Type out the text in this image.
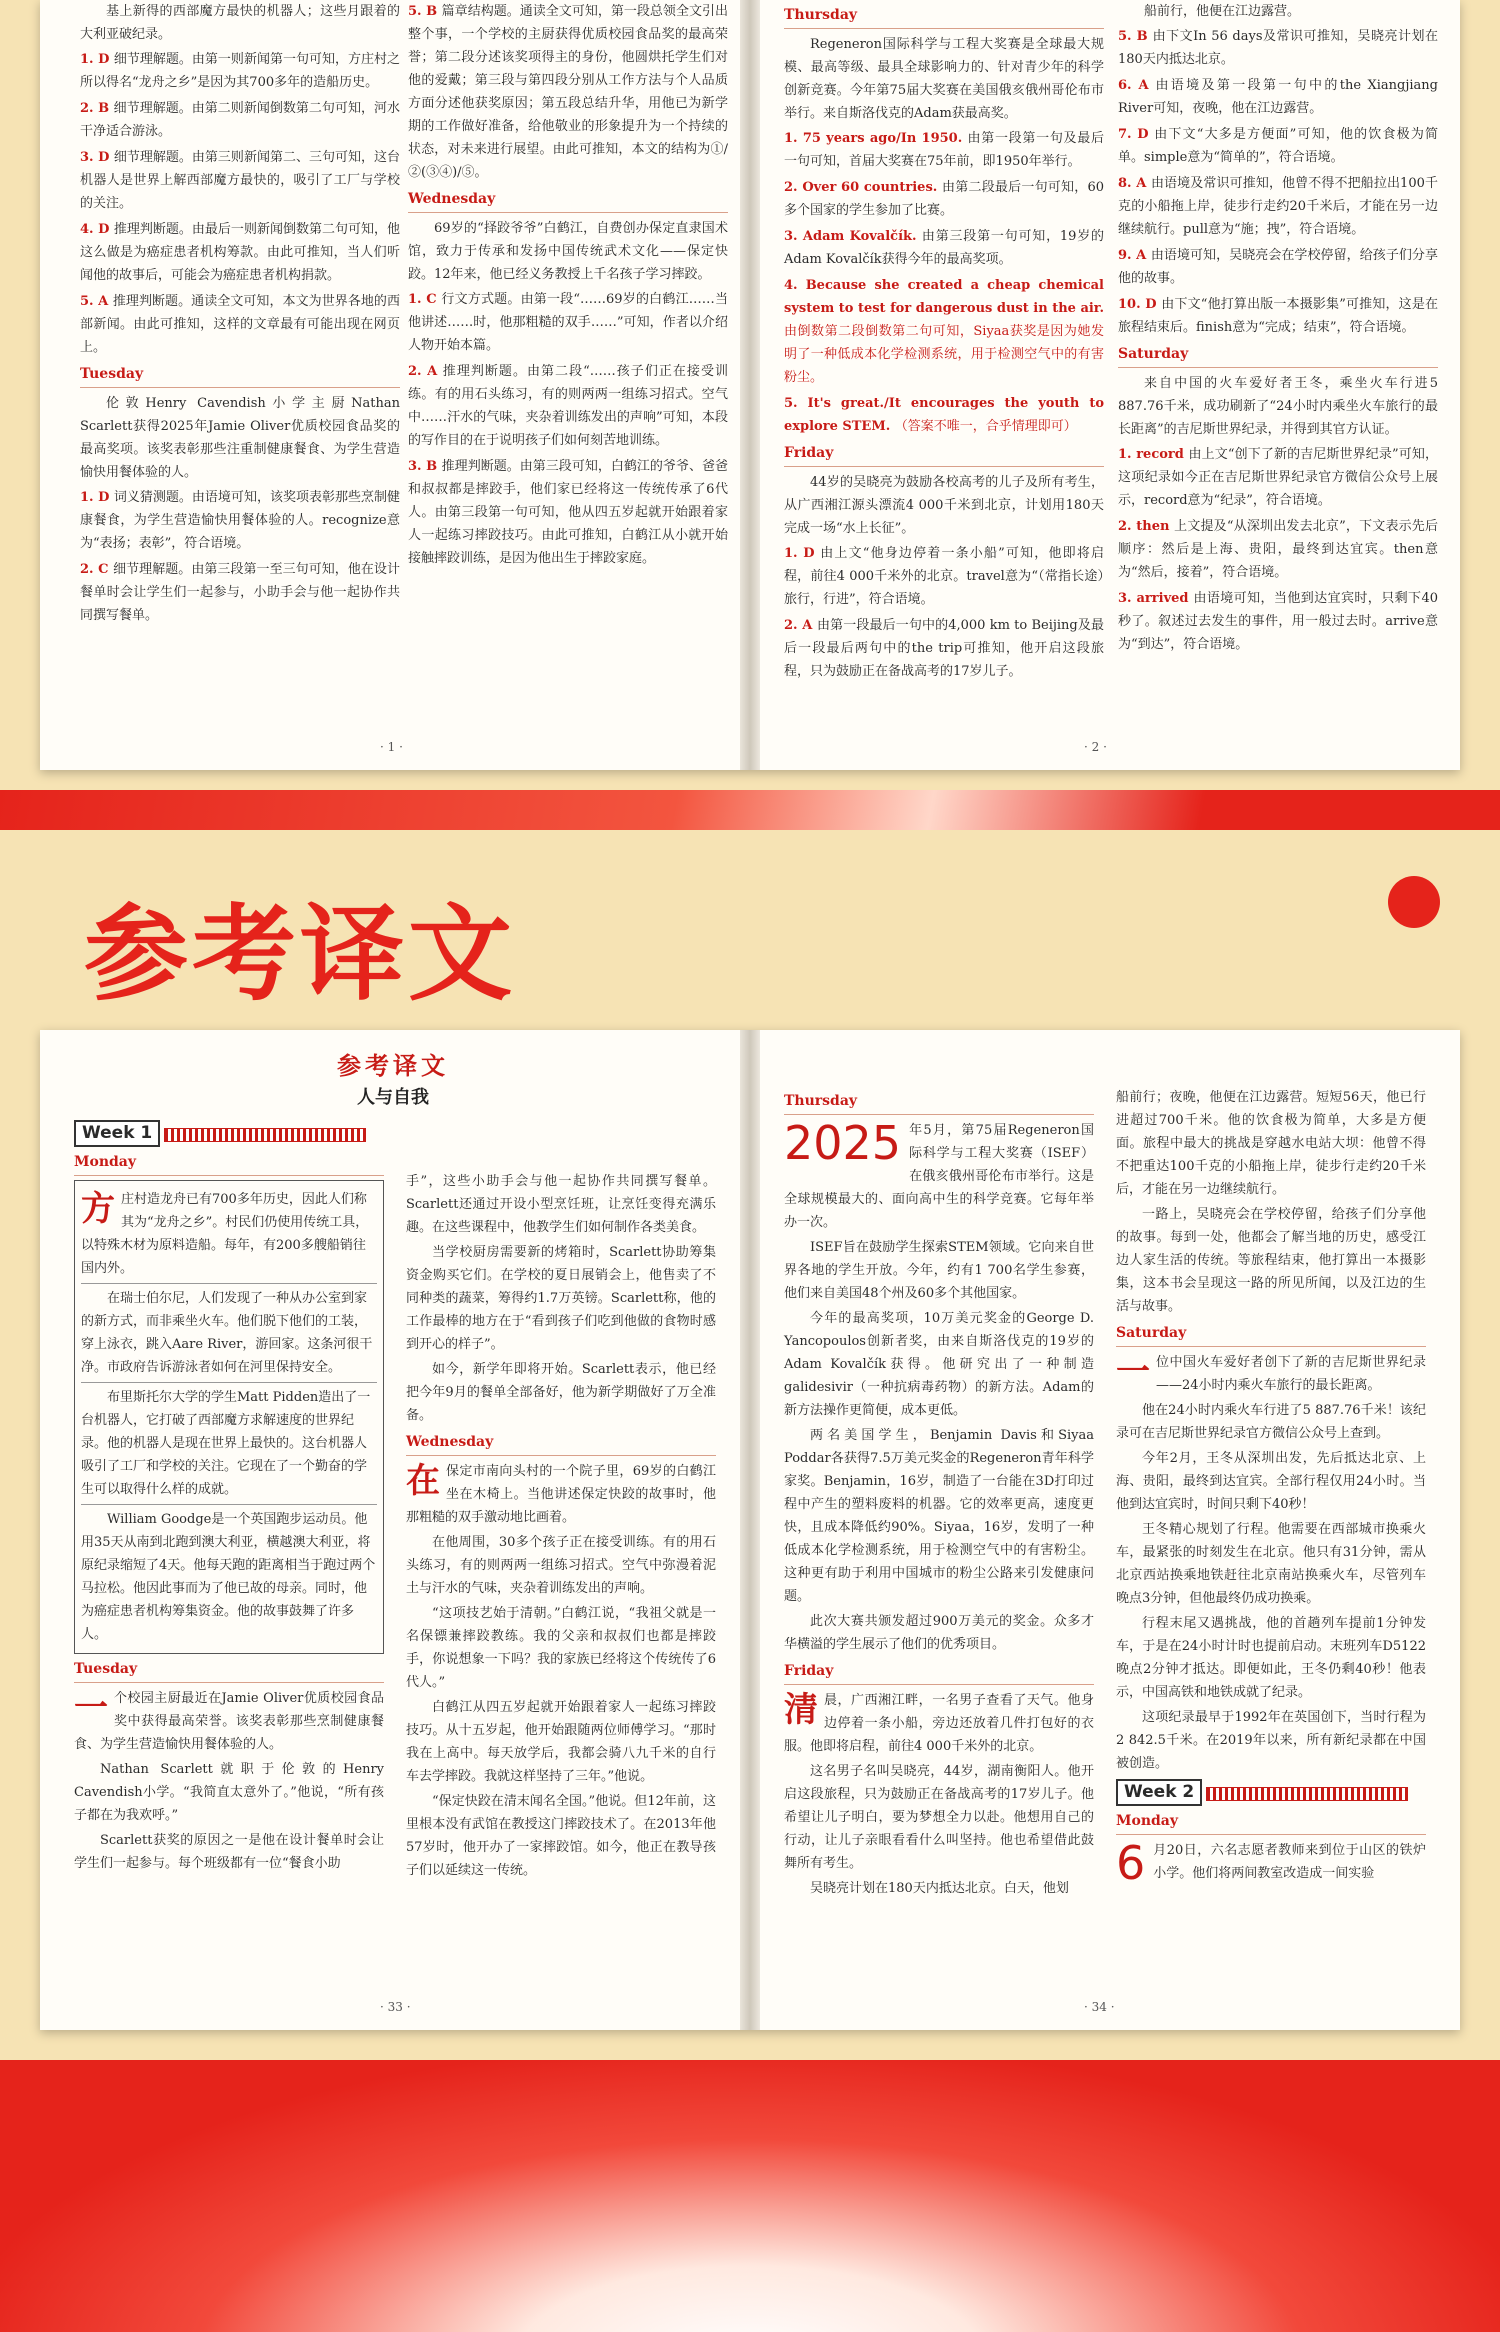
基上新得的西部魔方最快的机器人；这些月跟着的大利亚破纪录。
1. D 细节理解题。由第一则新闻第一句可知，方庄村之所以得名“龙舟之乡”是因为其700多年的造船历史。
2. B 细节理解题。由第二则新闻倒数第二句可知，河水干净适合游泳。
3. D 细节理解题。由第三则新闻第二、三句可知，这台机器人是世界上解西部魔方最快的，吸引了工厂与学校的关注。
4. D 推理判断题。由最后一则新闻倒数第二句可知，他这么做是为癌症患者机构筹款。由此可推知，当人们听闻他的故事后，可能会为癌症患者机构捐款。
5. A 推理判断题。通读全文可知，本文为世界各地的西部新闻。由此可推知，这样的文章最有可能出现在网页上。
Tuesday
伦敦Henry Cavendish小学主厨Nathan Scarlett获得2025年Jamie Oliver优质校园食品奖的最高奖项。该奖表彰那些注重制健康餐食、为学生营造愉快用餐体验的人。
1. D 词义猜测题。由语境可知，该奖项表彰那些烹制健康餐食，为学生营造愉快用餐体验的人。recognize意为“表扬；表彰”，符合语境。
2. C 细节理解题。由第三段第一至三句可知，他在设计餐单时会让学生们一起参与，小助手会与他一起协作共同撰写餐单。
5. B 篇章结构题。通读全文可知，第一段总领全文引出整个事，一个学校的主厨获得优质校园食品奖的最高荣誉；第二段分述该奖项得主的身份，他圆烘托学生们对他的爱戴；第三段与第四段分别从工作方法与个人品质方面分述他获奖原因；第五段总结升华，用他已为新学期的工作做好准备，给他敬业的形象提升为一个持续的状态，对未来进行展望。由此可推知，本文的结构为①/②(③④)/⑤。
Wednesday
69岁的“择跤爷爷”白鹤江，自费创办保定直隶国术馆，致力于传承和发扬中国传统武术文化——保定快跤。12年来，他已经义务教授上千名孩子学习摔跤。
1. C 行文方式题。由第一段“……69岁的白鹤江……当他讲述……时，他那粗糙的双手……”可知，作者以介绍人物开始本篇。
2. A 推理判断题。由第二段“……孩子们正在接受训练。有的用石头练习，有的则两两一组练习招式。空气中……汗水的气味，夹杂着训练发出的声响”可知，本段的写作目的在于说明孩子们如何刻苦地训练。
3. B 推理判断题。由第三段可知，白鹤江的爷爷、爸爸和叔叔都是摔跤手，他们家已经将这一传统传承了6代人。由第三段第一句可知，他从四五岁起就开始跟着家人一起练习摔跤技巧。由此可推知，白鹤江从小就开始接触摔跤训练，是因为他出生于摔跤家庭。
· 1 ·
Thursday
Regeneron国际科学与工程大奖赛是全球最大规模、最高等级、最具全球影响力的、针对青少年的科学创新竞赛。今年第75届大奖赛在美国俄亥俄州哥伦布市举行。来自斯洛伐克的Adam获最高奖。
1. 75 years ago/In 1950. 由第一段第一句及最后一句可知，首届大奖赛在75年前，即1950年举行。
2. Over 60 countries. 由第二段最后一句可知，60多个国家的学生参加了比赛。
3. Adam Kovalčík. 由第三段第一句可知，19岁的Adam Kovalčík获得今年的最高奖项。
4. Because she created a cheap chemical system to test for dangerous dust in the air. 由倒数第二段倒数第二句可知，Siyaa获奖是因为她发明了一种低成本化学检测系统，用于检测空气中的有害粉尘。
5. It's great./It encourages the youth to explore STEM. （答案不唯一，合乎情理即可）
Friday
44岁的吴晓亮为鼓励各校高考的儿子及所有考生，从广西湘江源头漂流4 000千米到北京，计划用180天完成一场“水上长征”。
1. D 由上文“他身边停着一条小船”可知，他即将启程，前往4 000千米外的北京。travel意为“（常指长途）旅行，行进”，符合语境。
2. A 由第一段最后一句中的4,000 km to Beijing及最后一段最后两句中的the trip可推知，他开启这段旅程，只为鼓励正在备战高考的17岁儿子。
船前行，他便在江边露营。
5. B 由下文In 56 days及常识可推知，吴晓亮计划在180天内抵达北京。
6. A 由语境及第一段第一句中的the Xiangjiang River可知，夜晚，他在江边露营。
7. D 由下文“大多是方便面”可知，他的饮食极为简单。simple意为“简单的”，符合语境。
8. A 由语境及常识可推知，他曾不得不把船拉出100千克的小船拖上岸，徒步行走约20千米后，才能在另一边继续航行。pull意为“施；拽”，符合语境。
9. A 由语境可知，吴晓亮会在学校停留，给孩子们分享他的故事。
10. D 由下文“他打算出版一本摄影集”可推知，这是在旅程结束后。finish意为“完成；结束”，符合语境。
Saturday
来自中国的火车爱好者王冬，乘坐火车行进5 887.76千米，成功刷新了“24小时内乘坐火车旅行的最长距离”的吉尼斯世界纪录，并得到其官方认证。
1. record 由上文“创下了新的吉尼斯世界纪录”可知，这项纪录如今正在吉尼斯世界纪录官方微信公众号上展示，record意为“纪录”，符合语境。
2. then 上文提及“从深圳出发去北京”，下文表示先后顺序：然后是上海、贵阳，最终到达宜宾。then意为“然后，接着”，符合语境。
3. arrived 由语境可知，当他到达宜宾时，只剩下40秒了。叙述过去发生的事件，用一般过去时。arrive意为“到达”，符合语境。
· 2 ·
参考译文
参考译文
人与自我
Week 1
Monday
方庄村造龙舟已有700多年历史，因此人们称其为“龙舟之乡”。村民们仍使用传统工具，以特殊木材为原料造船。每年，有200多艘船销往国内外。
在瑞士伯尔尼，人们发现了一种从办公室到家的新方式，而非乘坐火车。他们脱下他们的工装，穿上泳衣，跳入Aare River，游回家。这条河很干净。市政府告诉游泳者如何在河里保持安全。
布里斯托尔大学的学生Matt Pidden造出了一台机器人，它打破了西部魔方求解速度的世界纪录。他的机器人是现在世界上最快的。这台机器人吸引了工厂和学校的关注。它现在了一个勤奋的学生可以取得什么样的成就。
William Goodge是一个英国跑步运动员。他用35天从南到北跑到澳大利亚，横越澳大利亚，将原纪录缩短了4天。他每天跑的距离相当于跑过两个马拉松。他因此事而为了他已故的母亲。同时，他为癌症患者机构筹集资金。他的故事鼓舞了许多人。
Tuesday
一个校园主厨最近在Jamie Oliver优质校园食品奖中获得最高荣誉。该奖表彰那些烹制健康餐食、为学生营造愉快用餐体验的人。
Nathan Scarlett就职于伦敦的Henry Cavendish小学。“我简直太意外了。”他说，“所有孩子都在为我欢呼。”
Scarlett获奖的原因之一是他在设计餐单时会让学生们一起参与。每个班级都有一位“餐食小助
手”，这些小助手会与他一起协作共同撰写餐单。Scarlett还通过开设小型烹饪班，让烹饪变得充满乐趣。在这些课程中，他教学生们如何制作各类美食。
当学校厨房需要新的烤箱时，Scarlett协助筹集资金购买它们。在学校的夏日展销会上，他售卖了不同种类的蔬菜，筹得约1.7万英镑。Scarlett称，他的工作最棒的地方在于“看到孩子们吃到他做的食物时感到开心的样子”。
如今，新学年即将开始。Scarlett表示，他已经把今年9月的餐单全部备好，他为新学期做好了万全准备。
Wednesday
在保定市南向头村的一个院子里，69岁的白鹤江坐在木椅上。当他讲述保定快跤的故事时，他那粗糙的双手激动地比画着。
在他周围，30多个孩子正在接受训练。有的用石头练习，有的则两两一组练习招式。空气中弥漫着泥土与汗水的气味，夹杂着训练发出的声响。
“这项技艺始于清朝。”白鹤江说，“我祖父就是一名保镖兼摔跤教练。我的父亲和叔叔们也都是摔跤手，你说想象一下吗？我的家族已经将这个传统传了6代人。”
白鹤江从四五岁起就开始跟着家人一起练习摔跤技巧。从十五岁起，他开始跟随两位师傅学习。“那时我在上高中。每天放学后，我都会骑八九千米的自行车去学摔跤。我就这样坚持了三年。”他说。
“保定快跤在清末闻名全国。”他说。但12年前，这里根本没有武馆在教授这门摔跤技术了。在2013年他57岁时，他开办了一家摔跤馆。如今，他正在教导孩子们以延续这一传统。
· 33 ·
Thursday
2025 年5月，第75届Regeneron国际科学与工程大奖赛（ISEF）在俄亥俄州哥伦布市举行。这是全球规模最大的、面向高中生的科学竞赛。它每年举办一次。
ISEF旨在鼓励学生探索STEM领域。它向来自世界各地的学生开放。今年，约有1 700名学生参赛，他们来自美国48个州及60多个其他国家。
今年的最高奖项，10万美元奖金的George D. Yancopoulos创新者奖，由来自斯洛伐克的19岁的Adam Kovalčík获得。他研究出了一种制造galidesivir（一种抗病毒药物）的新方法。Adam的新方法操作更简便，成本更低。
两名美国学生，Benjamin Davis和Siyaa Poddar各获得7.5万美元奖金的Regeneron青年科学家奖。Benjamin，16岁，制造了一台能在3D打印过程中产生的塑料废料的机器。它的效率更高，速度更快，且成本降低约90%。Siyaa，16岁，发明了一种低成本化学检测系统，用于检测空气中的有害粉尘。这种更有助于利用中国城市的粉尘公路来引发健康问题。
此次大赛共颁发超过900万美元的奖金。众多才华横溢的学生展示了他们的优秀项目。
Friday
清晨，广西湘江畔，一名男子查看了天气。他身边停着一条小船，旁边还放着几件打包好的衣服。他即将启程，前往4 000千米外的北京。
这名男子名叫吴晓亮，44岁，湖南衡阳人。他开启这段旅程，只为鼓励正在备战高考的17岁儿子。他希望让儿子明白，要为梦想全力以赴。他想用自己的行动，让儿子亲眼看看什么叫坚持。他也希望借此鼓舞所有考生。
吴晓亮计划在180天内抵达北京。白天，他划
船前行；夜晚，他便在江边露营。短短56天，他已行进超过700千米。他的饮食极为简单，大多是方便面。旅程中最大的挑战是穿越水电站大坝：他曾不得不把重达100千克的小船拖上岸，徒步行走约20千米后，才能在另一边继续航行。
一路上，吴晓亮会在学校停留，给孩子们分享他的故事。每到一处，他都会了解当地的历史，感受江边人家生活的传统。等旅程结束，他打算出一本摄影集，这本书会呈现这一路的所见所闻，以及江边的生活与故事。
Saturday
一位中国火车爱好者创下了新的吉尼斯世界纪录——24小时内乘火车旅行的最长距离。
他在24小时内乘火车行进了5 887.76千米！该纪录可在吉尼斯世界纪录官方微信公众号上查到。
今年2月，王冬从深圳出发，先后抵达北京、上海、贵阳，最终到达宜宾。全部行程仅用24小时。当他到达宜宾时，时间只剩下40秒！
王冬精心规划了行程。他需要在西部城市换乘火车，最紧张的时刻发生在北京。他只有31分钟，需从北京西站换乘地铁赶往北京南站换乘火车，尽管列车晚点3分钟，但他最终仍成功换乘。
行程末尾又遇挑战，他的首趟列车提前1分钟发车，于是在24小时计时也提前启动。末班列车D5122晚点2分钟才抵达。即便如此，王冬仍剩40秒！他表示，中国高铁和地铁成就了纪录。
这项纪录最早于1992年在英国创下，当时行程为2 842.5千米。在2019年以来，所有新纪录都在中国被创造。
Week 2
Monday
6 月20日，六名志愿者教师来到位于山区的铁炉小学。他们将两间教室改造成一间实验
· 34 ·
